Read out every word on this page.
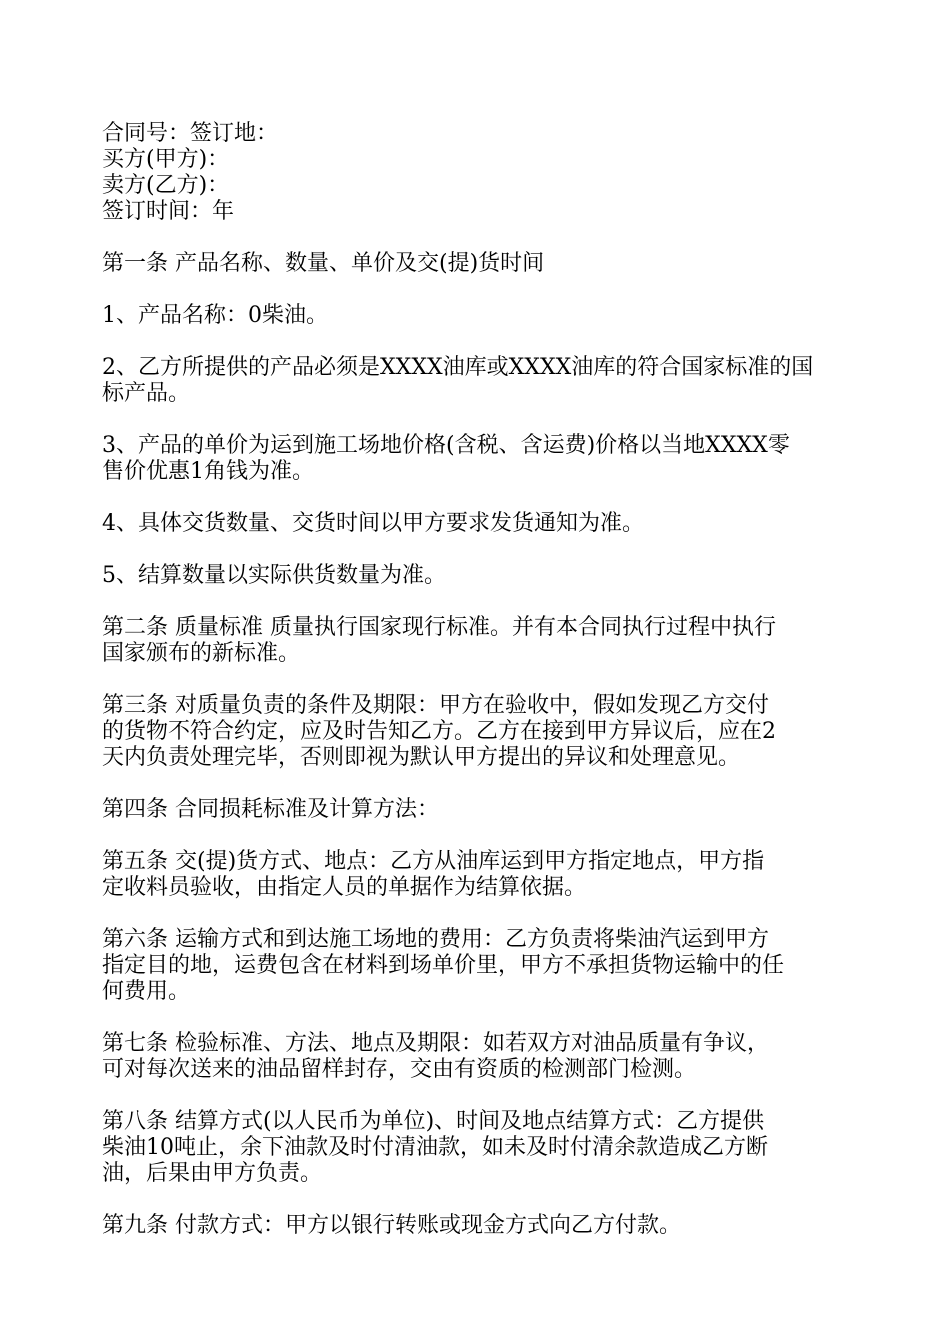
合同号：签订地：
买方(甲方)：
卖方(乙方)：
签订时间：年

第一条 产品名称、数量、单价及交(提)货时间

1、产品名称：0柴油。

2、乙方所提供的产品必须是XXXX油库或XXXX油库的符合国家标准的国
标产品。

3、产品的单价为运到施工场地价格(含税、含运费)价格以当地XXXX零
售价优惠1角钱为准。

4、具体交货数量、交货时间以甲方要求发货通知为准。

5、结算数量以实际供货数量为准。

第二条 质量标准 质量执行国家现行标准。并有本合同执行过程中执行
国家颁布的新标准。

第三条 对质量负责的条件及期限：甲方在验收中，假如发现乙方交付
的货物不符合约定，应及时告知乙方。乙方在接到甲方异议后，应在2
天内负责处理完毕，否则即视为默认甲方提出的异议和处理意见。

第四条 合同损耗标准及计算方法：

第五条 交(提)货方式、地点：乙方从油库运到甲方指定地点，甲方指
定收料员验收，由指定人员的单据作为结算依据。

第六条 运输方式和到达施工场地的费用：乙方负责将柴油汽运到甲方
指定目的地，运费包含在材料到场单价里，甲方不承担货物运输中的任
何费用。

第七条 检验标准、方法、地点及期限：如若双方对油品质量有争议，
可对每次送来的油品留样封存，交由有资质的检测部门检测。

第八条 结算方式(以人民币为单位)、时间及地点结算方式：乙方提供
柴油10吨止，余下油款及时付清油款，如未及时付清余款造成乙方断
油，后果由甲方负责。

第九条 付款方式：甲方以银行转账或现金方式向乙方付款。
